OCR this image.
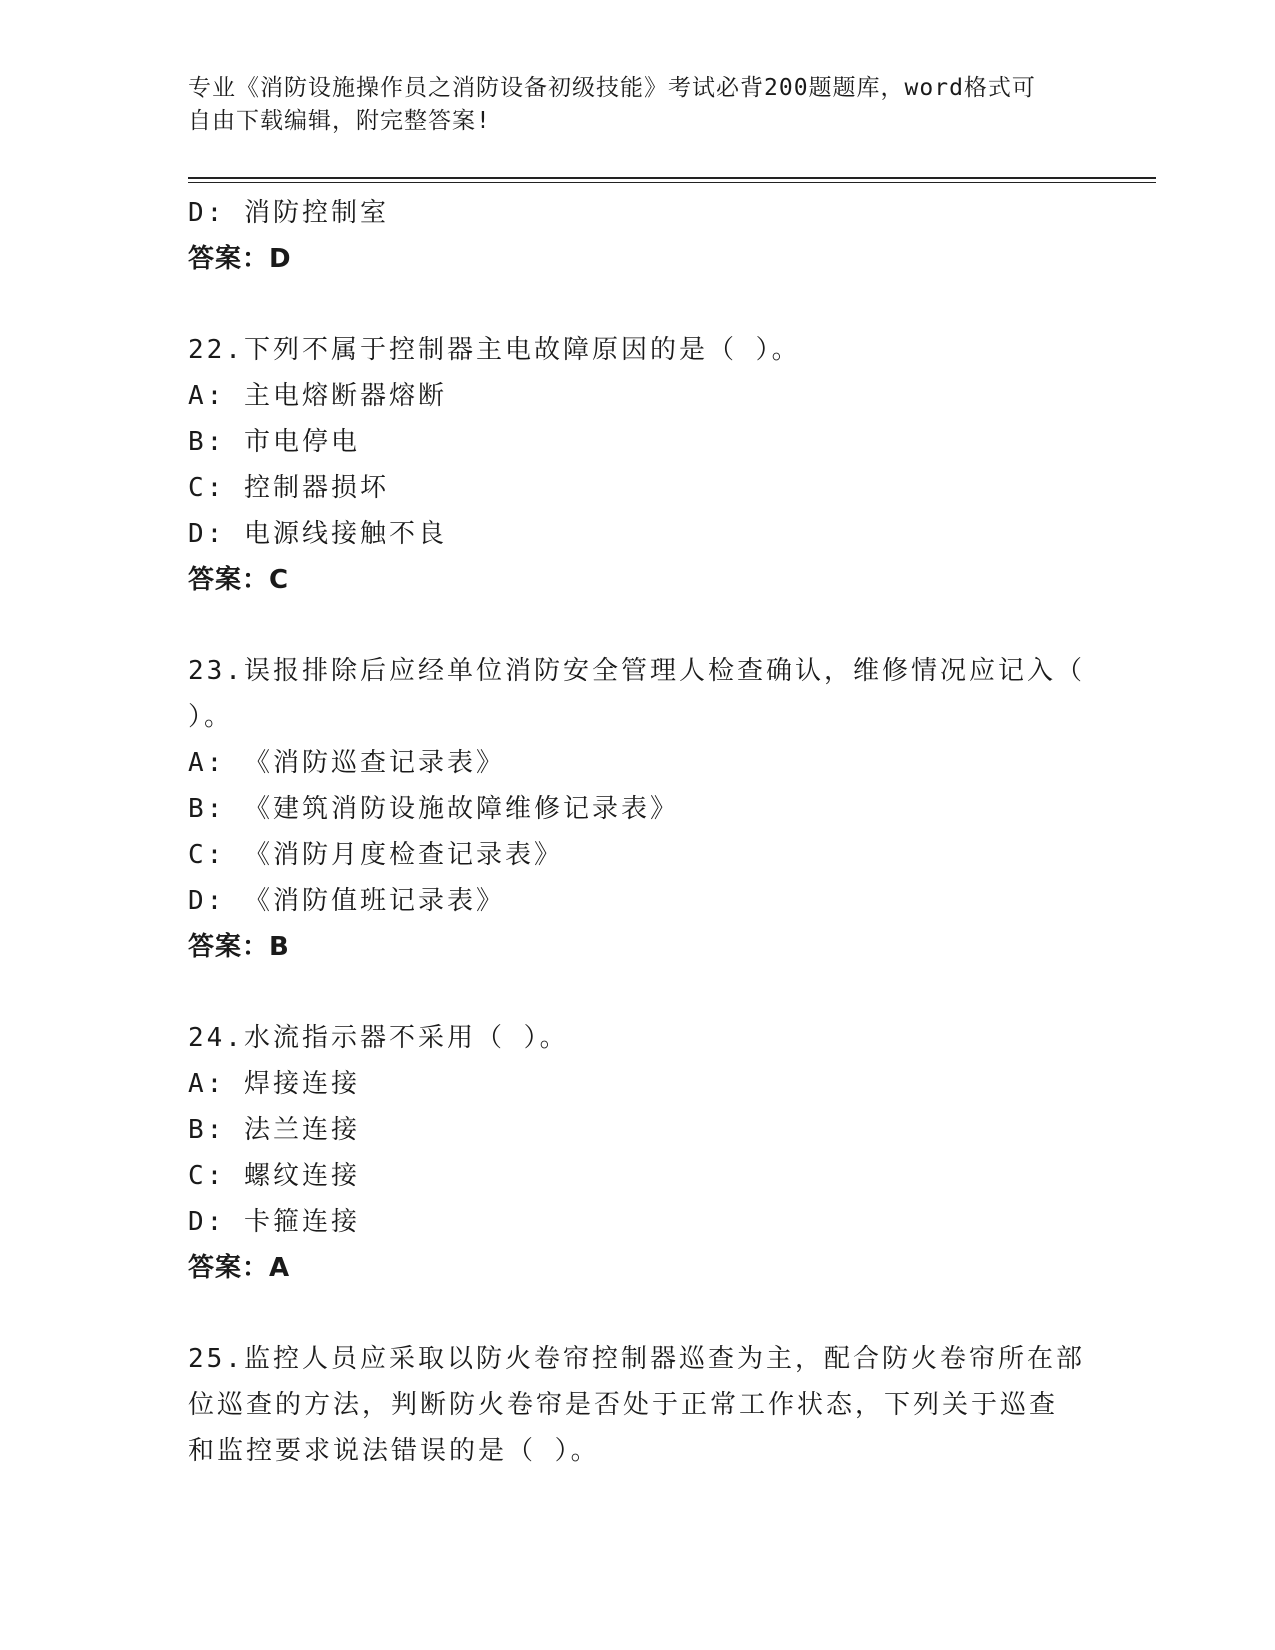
专业《消防设施操作员之消防设备初级技能》考试必背200题题库，word格式可
自由下载编辑，附完整答案!
D: 消防控制室
答案：D
22.下列不属于控制器主电故障原因的是（ ）。
A: 主电熔断器熔断
B: 市电停电
C: 控制器损坏
D: 电源线接触不良
答案：C
23.误报排除后应经单位消防安全管理人检查确认，维修情况应记入（
）。
A: 《消防巡查记录表》
B: 《建筑消防设施故障维修记录表》
C: 《消防月度检查记录表》
D: 《消防值班记录表》
答案：B
24.水流指示器不采用（ ）。
A: 焊接连接
B: 法兰连接
C: 螺纹连接
D: 卡箍连接
答案：A
25.监控人员应采取以防火卷帘控制器巡查为主，配合防火卷帘所在部
位巡查的方法，判断防火卷帘是否处于正常工作状态，下列关于巡查
和监控要求说法错误的是（ ）。
